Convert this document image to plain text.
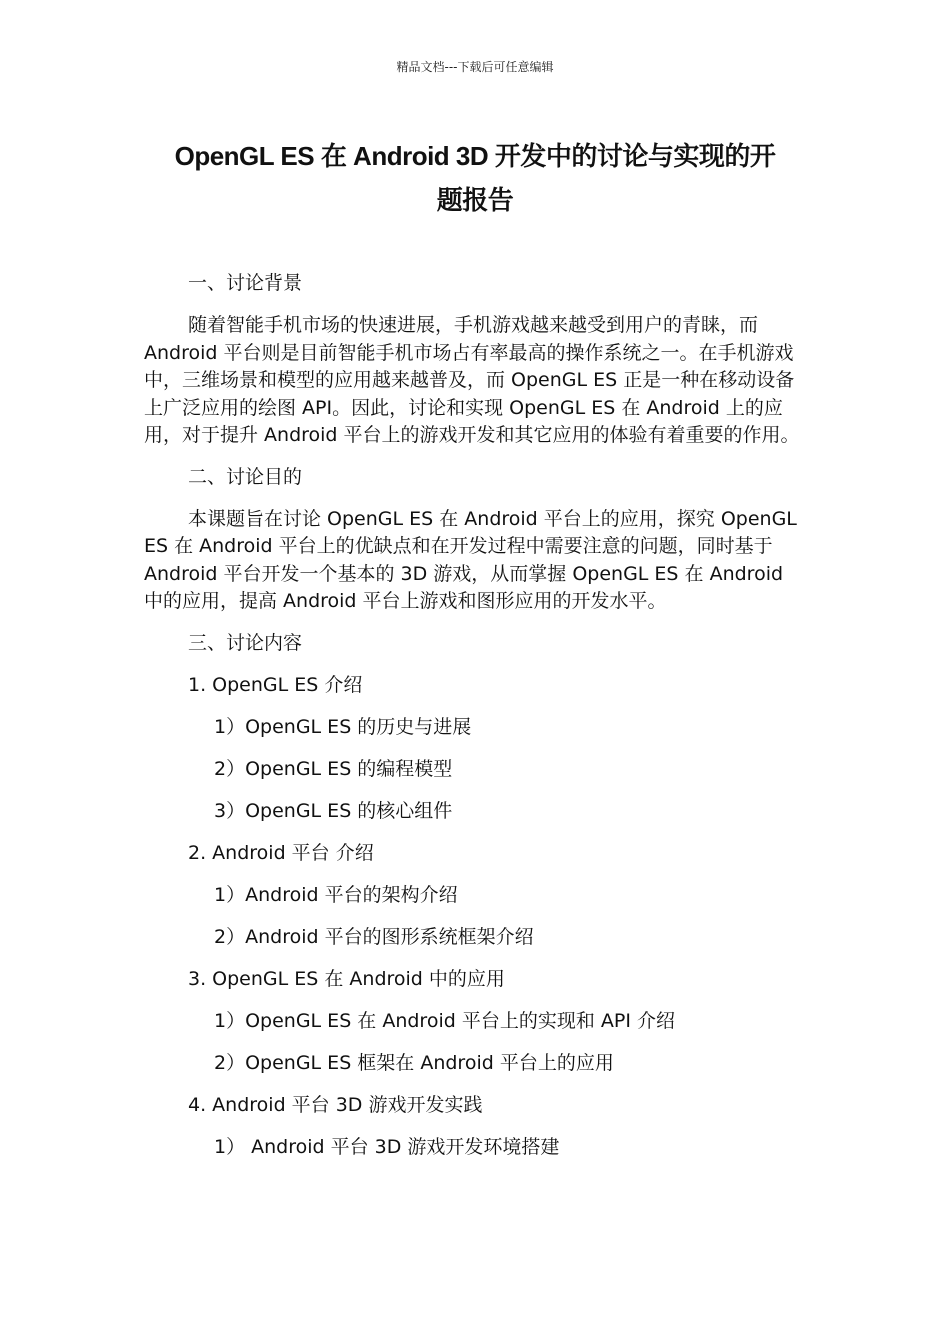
精品文档---下载后可任意编辑
OpenGL ES 在 Android 3D 开发中的讨论与实现的开
题报告
一、讨论背景
随着智能手机市场的快速进展，手机游戏越来越受到用户的青睐，而 Android 平台则是目前智能手机市场占有率最高的操作系统之一。在手机游戏中，三维场景和模型的应用越来越普及，而 OpenGL ES 正是一种在移动设备上广泛应用的绘图 API。因此，讨论和实现 OpenGL ES 在 Android 上的应用，对于提升 Android 平台上的游戏开发和其它应用的体验有着重要的作用。
二、讨论目的
本课题旨在讨论 OpenGL ES 在 Android 平台上的应用，探究 OpenGL ES 在 Android 平台上的优缺点和在开发过程中需要注意的问题，同时基于 Android 平台开发一个基本的 3D 游戏，从而掌握 OpenGL ES 在 Android 中的应用，提高 Android 平台上游戏和图形应用的开发水平。
三、讨论内容
1. OpenGL ES 介绍
1）OpenGL ES 的历史与进展
2）OpenGL ES 的编程模型
3）OpenGL ES 的核心组件
2. Android 平台 介绍
1）Android 平台的架构介绍
2）Android 平台的图形系统框架介绍
3. OpenGL ES 在 Android 中的应用
1）OpenGL ES 在 Android 平台上的实现和 API 介绍
2）OpenGL ES 框架在 Android 平台上的应用
4. Android 平台 3D 游戏开发实践
1） Android 平台 3D 游戏开发环境搭建
